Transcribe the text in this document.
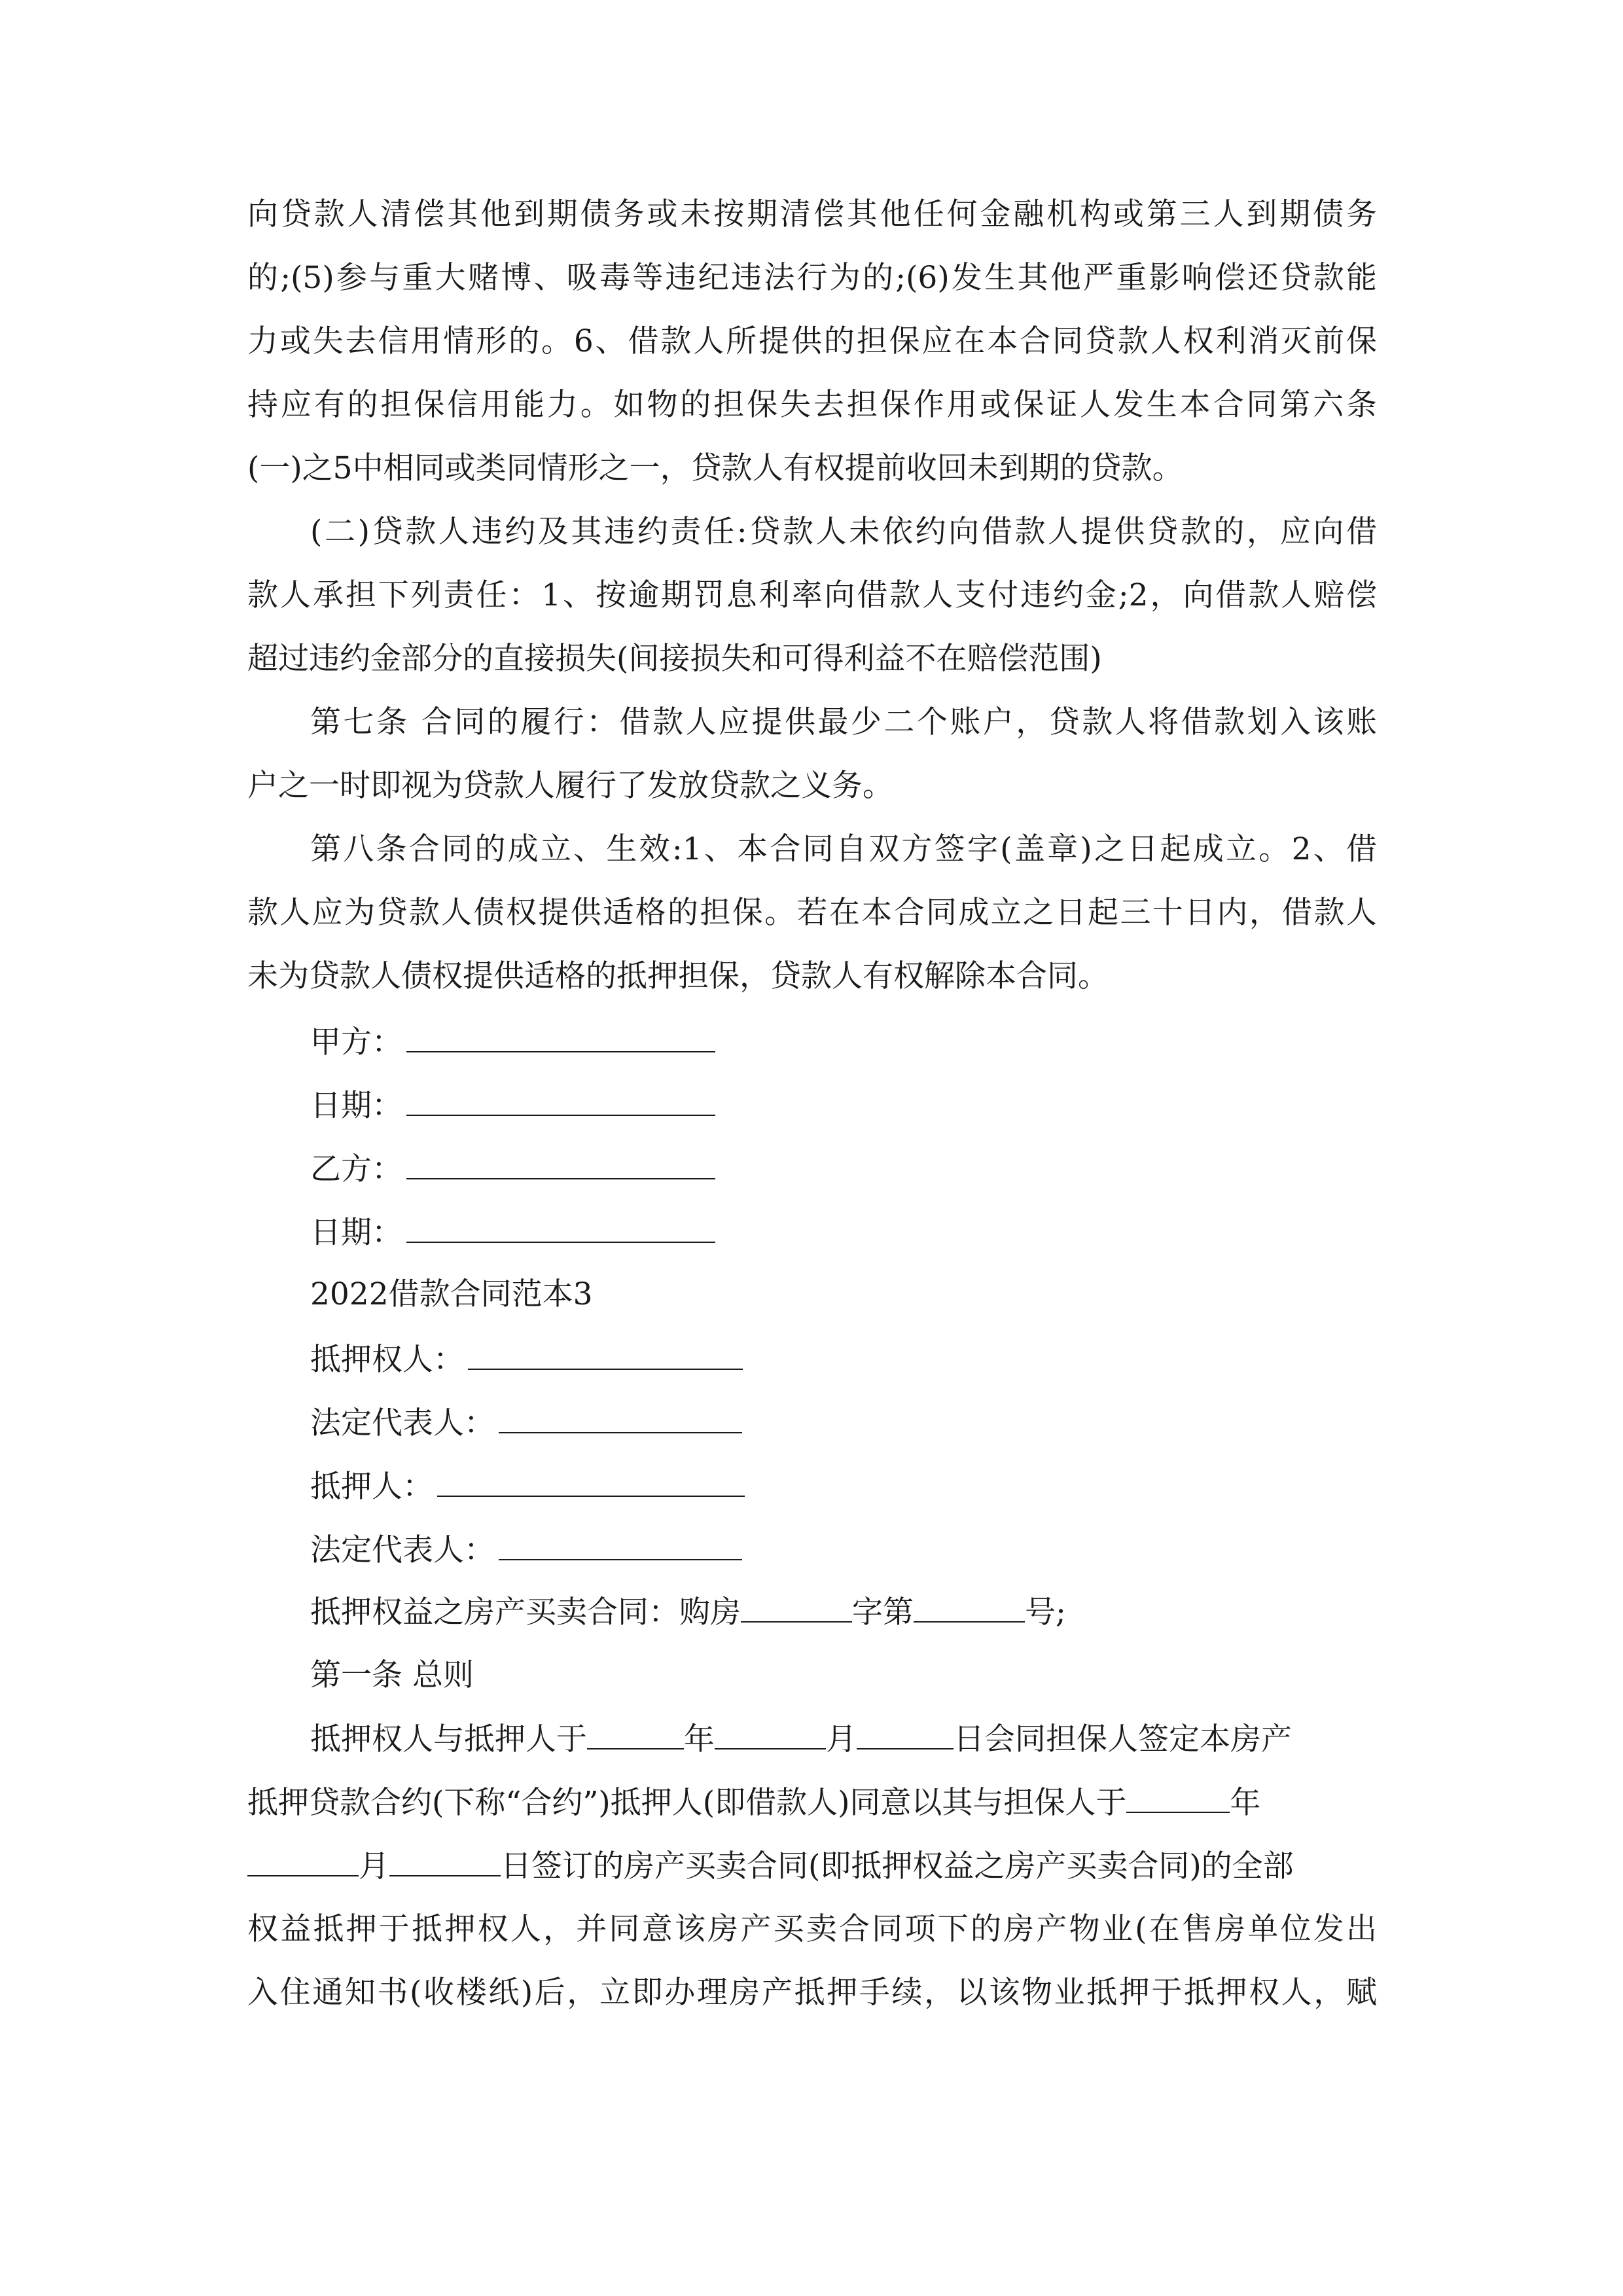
向贷款人清偿其他到期债务或未按期清偿其他任何金融机构或第三人到期债务
的;(5)参与重大赌博、吸毒等违纪违法行为的;(6)发生其他严重影响偿还贷款能
力或失去信用情形的。6、借款人所提供的担保应在本合同贷款人权利消灭前保
持应有的担保信用能力。如物的担保失去担保作用或保证人发生本合同第六条
(一)之5中相同或类同情形之一，贷款人有权提前收回未到期的贷款。
(二)贷款人违约及其违约责任:贷款人未依约向借款人提供贷款的，应向借
款人承担下列责任：1、按逾期罚息利率向借款人支付违约金;2，向借款人赔偿
超过违约金部分的直接损失(间接损失和可得利益不在赔偿范围)
第七条 合同的履行：借款人应提供最少二个账户，贷款人将借款划入该账
户之一时即视为贷款人履行了发放贷款之义务。
第八条合同的成立、生效:1、本合同自双方签字(盖章)之日起成立。2、借
款人应为贷款人债权提供适格的担保。若在本合同成立之日起三十日内，借款人
未为贷款人债权提供适格的抵押担保，贷款人有权解除本合同。
甲方：
日期：
乙方：
日期：
2022借款合同范本3
抵押权人：
法定代表人：
抵押人：
法定代表人：
抵押权益之房产买卖合同：购房	字第	号;
第一条 总则
抵押权人与抵押人于	年	月	日会同担保人签定本房产
抵押贷款合约(下称“合约”)抵押人(即借款人)同意以其与担保人于	年
月	日签订的房产买卖合同(即抵押权益之房产买卖合同)的全部
权益抵押于抵押权人，并同意该房产买卖合同项下的房产物业(在售房单位发出
入住通知书(收楼纸)后，立即办理房产抵押手续，以该物业抵押于抵押权人，赋
